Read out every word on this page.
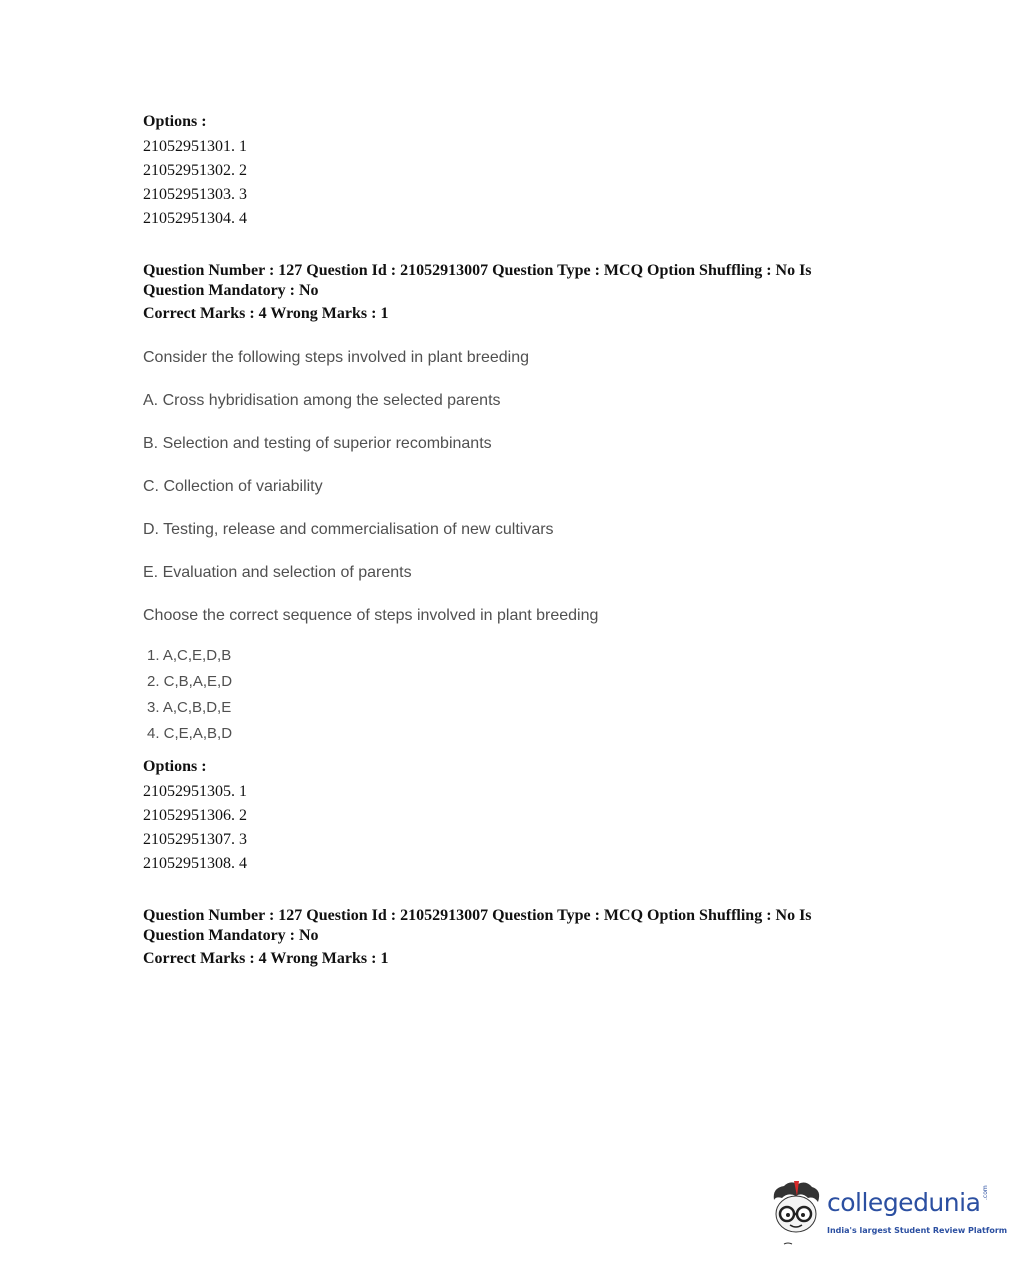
Options :
21052951301. 1
21052951302. 2
21052951303. 3
21052951304. 4
Question Number : 127 Question Id : 21052913007 Question Type : MCQ Option Shuffling : No Is
Question Mandatory : No
Correct Marks : 4 Wrong Marks : 1
Consider the following steps involved in plant breeding
A. Cross hybridisation among the selected parents
B. Selection and testing of superior recombinants
C. Collection of variability
D. Testing, release and commercialisation of new cultivars
E. Evaluation and selection of parents
Choose the correct sequence of steps involved in plant breeding
1. A,C,E,D,B
2. C,B,A,E,D
3. A,C,B,D,E
4. C,E,A,B,D
Options :
21052951305. 1
21052951306. 2
21052951307. 3
21052951308. 4
Question Number : 127 Question Id : 21052913007 Question Type : MCQ Option Shuffling : No Is
Question Mandatory : No
Correct Marks : 4 Wrong Marks : 1
collegedunia .com
India's largest Student Review Platform
